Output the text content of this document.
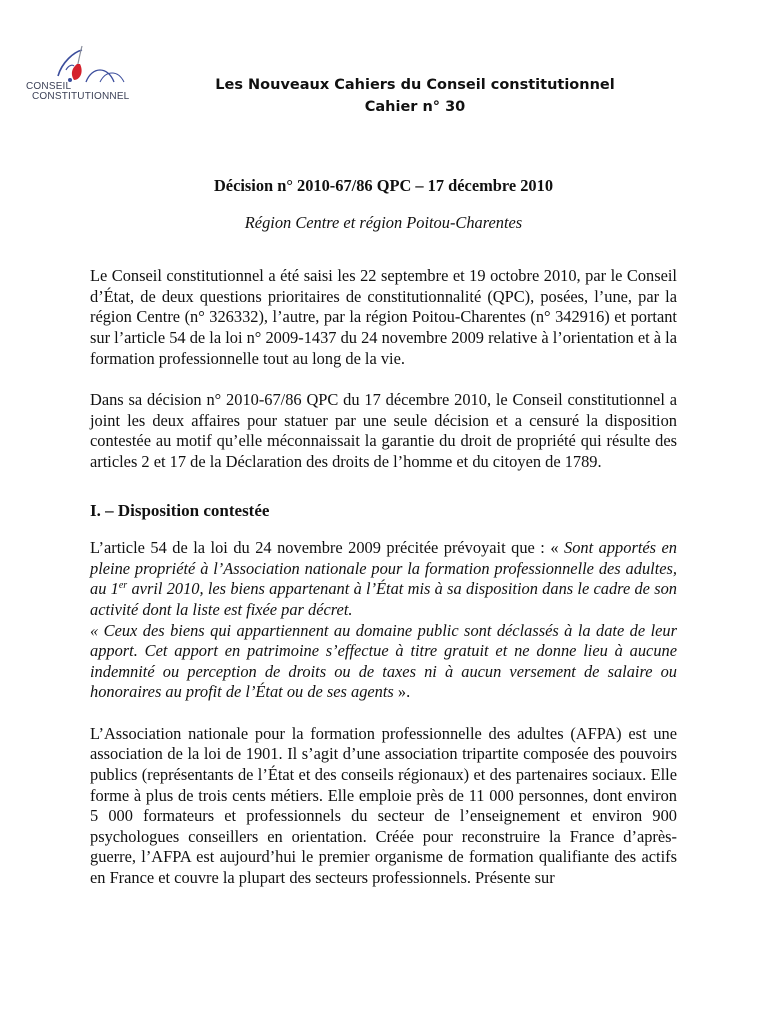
CONSEIL
CONSTITUTIONNEL
Les Nouveaux Cahiers du Conseil constitutionnel
Cahier n° 30

Décision n° 2010-67/86 QPC – 17 décembre 2010

Région Centre et région Poitou-Charentes

Le Conseil constitutionnel a été saisi les 22 septembre et 19 octobre 2010, par le Conseil d’État, de deux questions prioritaires de constitutionnalité (QPC), posées, l’une, par la région Centre (n° 326332), l’autre, par la région Poitou-Charentes (n° 342916) et portant sur l’article 54 de la loi n° 2009-1437 du 24 novembre 2009 relative à l’orientation et à la formation professionnelle tout au long de la vie.

Dans sa décision n° 2010-67/86 QPC du 17 décembre 2010, le Conseil constitutionnel a joint les deux affaires pour statuer par une seule décision et a censuré la disposition contestée au motif qu’elle méconnaissait la garantie du droit de propriété qui résulte des articles 2 et 17 de la Déclaration des droits de l’homme et du citoyen de 1789.

I. – Disposition contestée

L’article 54 de la loi du 24 novembre 2009 précitée prévoyait que : « Sont apportés en pleine propriété à l’Association nationale pour la formation professionnelle des adultes, au 1er avril 2010, les biens appartenant à l’État mis à sa disposition dans le cadre de son activité dont la liste est fixée par décret.

« Ceux des biens qui appartiennent au domaine public sont déclassés à la date de leur apport. Cet apport en patrimoine s’effectue à titre gratuit et ne donne lieu à aucune indemnité ou perception de droits ou de taxes ni à aucun versement de salaire ou honoraires au profit de l’État ou de ses agents ».

L’Association nationale pour la formation professionnelle des adultes (AFPA) est une association de la loi de 1901. Il s’agit d’une association tripartite composée des pouvoirs publics (représentants de l’État et des conseils régionaux) et des partenaires sociaux. Elle forme à plus de trois cents métiers. Elle emploie près de 11 000 personnes, dont environ 5 000 formateurs et professionnels du secteur de l’enseignement et environ 900 psychologues conseillers en orientation. Créée pour reconstruire la France d’après-guerre, l’AFPA est aujourd’hui le premier organisme de formation qualifiante des actifs en France et couvre la plupart des secteurs professionnels. Présente sur
